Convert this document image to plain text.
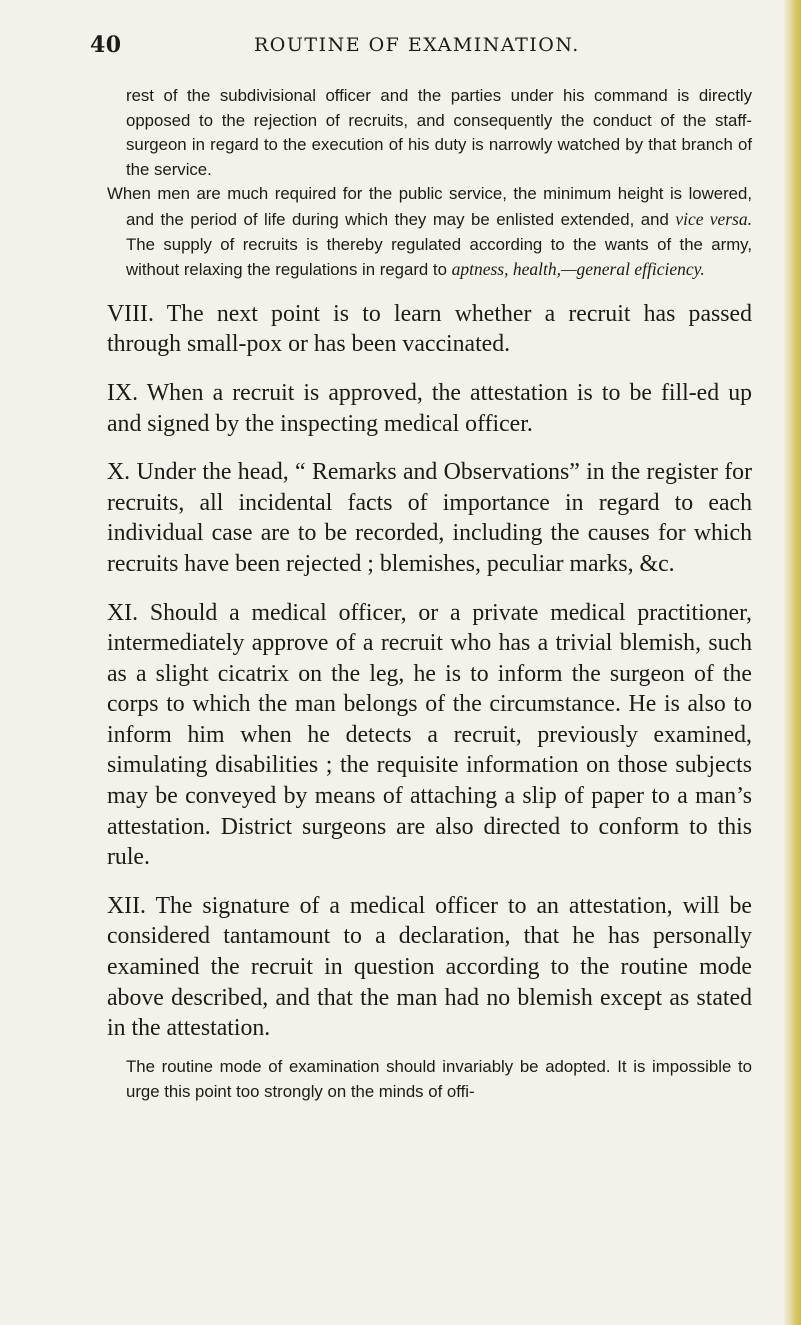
40	ROUTINE OF EXAMINATION.

rest of the subdivisional officer and the parties under his command is directly opposed to the rejection of recruits, and consequently the conduct of the staff-surgeon in regard to the execution of his duty is narrowly watched by that branch of the service.

When men are much required for the public service, the minimum height is lowered, and the period of life during which they may be enlisted extended, and vice versa. The supply of recruits is thereby regulated according to the wants of the army, without relaxing the regulations in regard to aptness, health,—general efficiency.

VIII. The next point is to learn whether a recruit has passed through small-pox or has been vaccinated.

IX. When a recruit is approved, the attestation is to be fill-ed up and signed by the inspecting medical officer.

X. Under the head, “ Remarks and Observations” in the register for recruits, all incidental facts of importance in regard to each individual case are to be recorded, including the causes for which recruits have been rejected ; blemishes, peculiar marks, &c.

XI. Should a medical officer, or a private medical practitioner, intermediately approve of a recruit who has a trivial blemish, such as a slight cicatrix on the leg, he is to inform the surgeon of the corps to which the man belongs of the circumstance. He is also to inform him when he detects a recruit, previously examined, simulating disabilities ; the requisite information on those subjects may be conveyed by means of attaching a slip of paper to a man’s attestation. District surgeons are also directed to conform to this rule.

XII. The signature of a medical officer to an attestation, will be considered tantamount to a declaration, that he has personally examined the recruit in question according to the routine mode above described, and that the man had no blemish except as stated in the attestation.

The routine mode of examination should invariably be adopted. It is impossible to urge this point too strongly on the minds of offi-
